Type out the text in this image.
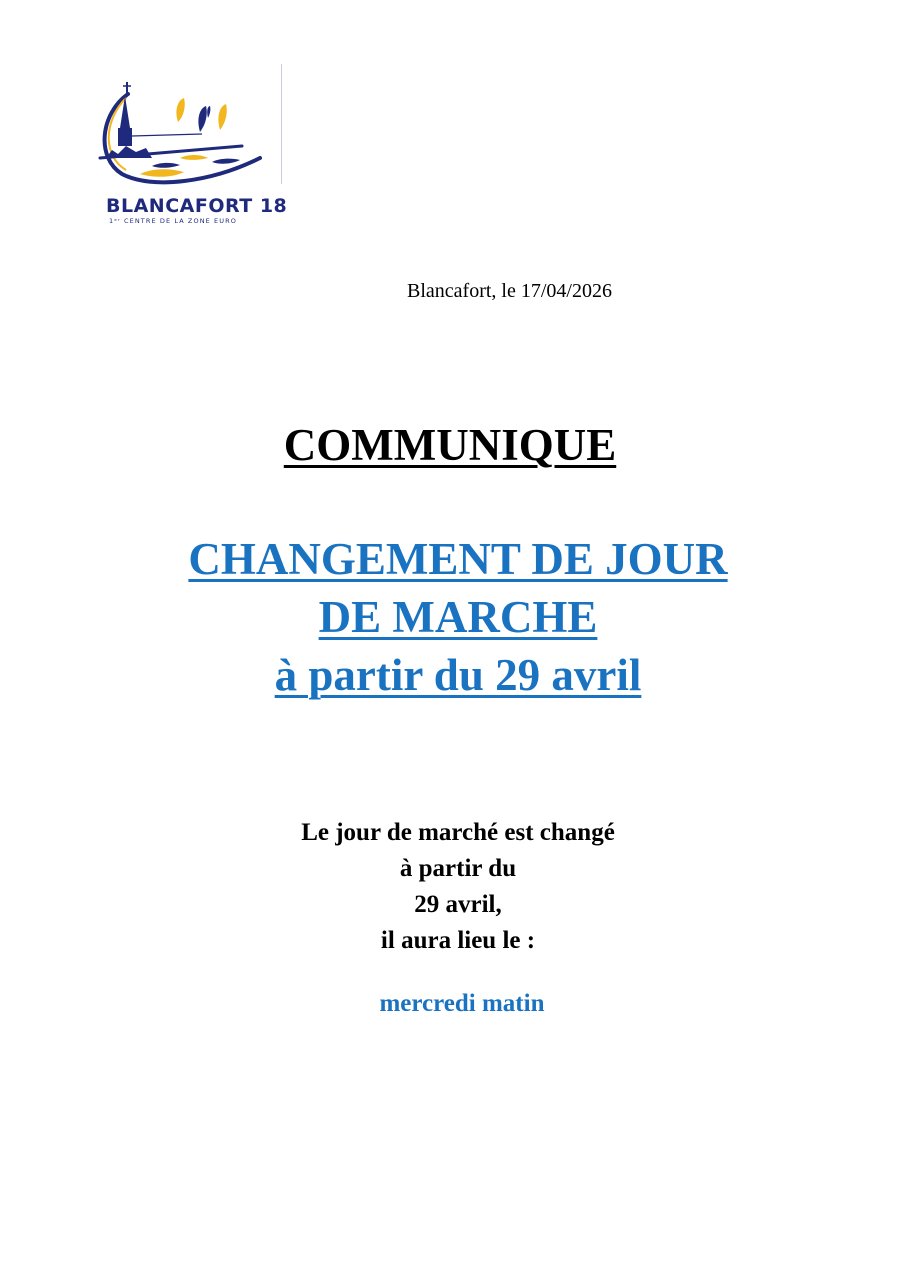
BLANCAFORT 18
1ᵉʳ CENTRE DE LA ZONE EURO
Blancafort, le 17/04/2026
COMMUNIQUE
CHANGEMENT DE JOUR
DE MARCHE
à partir du 29 avril
Le jour de marché est changé
à partir du
29 avril,
il aura lieu le :
mercredi matin
